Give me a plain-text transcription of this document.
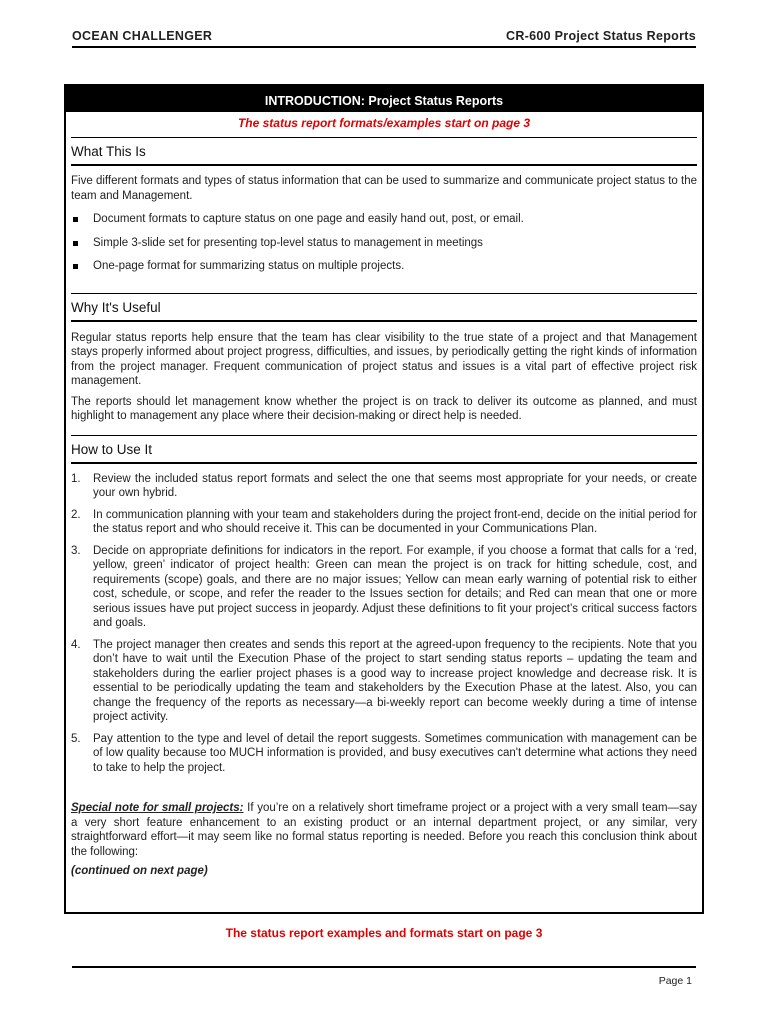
OCEAN CHALLENGER	CR-600 Project Status Reports
INTRODUCTION: Project Status Reports
The status report formats/examples start on page 3
What This Is

Five different formats and types of status information that can be used to summarize and communicate project status to the team and Management.

Document formats to capture status on one page and easily hand out, post, or email.
Simple 3-slide set for presenting top-level status to management in meetings
One-page format for summarizing status on multiple projects.
Why It's Useful

Regular status reports help ensure that the team has clear visibility to the true state of a project and that Management stays properly informed about project progress, difficulties, and issues, by periodically getting the right kinds of information from the project manager. Frequent communication of project status and issues is a vital part of effective project risk management.

The reports should let management know whether the project is on track to deliver its outcome as planned, and must highlight to management any place where their decision-making or direct help is needed.

How to Use It
1. Review the included status report formats and select the one that seems most appropriate for your needs, or create your own hybrid.
2. In communication planning with your team and stakeholders during the project front-end, decide on the initial period for the status report and who should receive it. This can be documented in your Communications Plan.
3. Decide on appropriate definitions for indicators in the report. For example, if you choose a format that calls for a ‘red, yellow, green’ indicator of project health: Green can mean the project is on track for hitting schedule, cost, and requirements (scope) goals, and there are no major issues; Yellow can mean early warning of potential risk to either cost, schedule, or scope, and refer the reader to the Issues section for details; and Red can mean that one or more serious issues have put project success in jeopardy. Adjust these definitions to fit your project’s critical success factors and goals.
4. The project manager then creates and sends this report at the agreed-upon frequency to the recipients. Note that you don’t have to wait until the Execution Phase of the project to start sending status reports – updating the team and stakeholders during the earlier project phases is a good way to increase project knowledge and decrease risk. It is essential to be periodically updating the team and stakeholders by the Execution Phase at the latest. Also, you can change the frequency of the reports as necessary—a bi-weekly report can become weekly during a time of intense project activity.
5. Pay attention to the type and level of detail the report suggests. Sometimes communication with management can be of low quality because too MUCH information is provided, and busy executives can't determine what actions they need to take to help the project.

Special note for small projects: If you’re on a relatively short timeframe project or a project with a very small team—say a very short feature enhancement to an existing product or an internal department project, or any similar, very straightforward effort—it may seem like no formal status reporting is needed. Before you reach this conclusion think about the following:

(continued on next page)
The status report examples and formats start on page 3
Page 1
